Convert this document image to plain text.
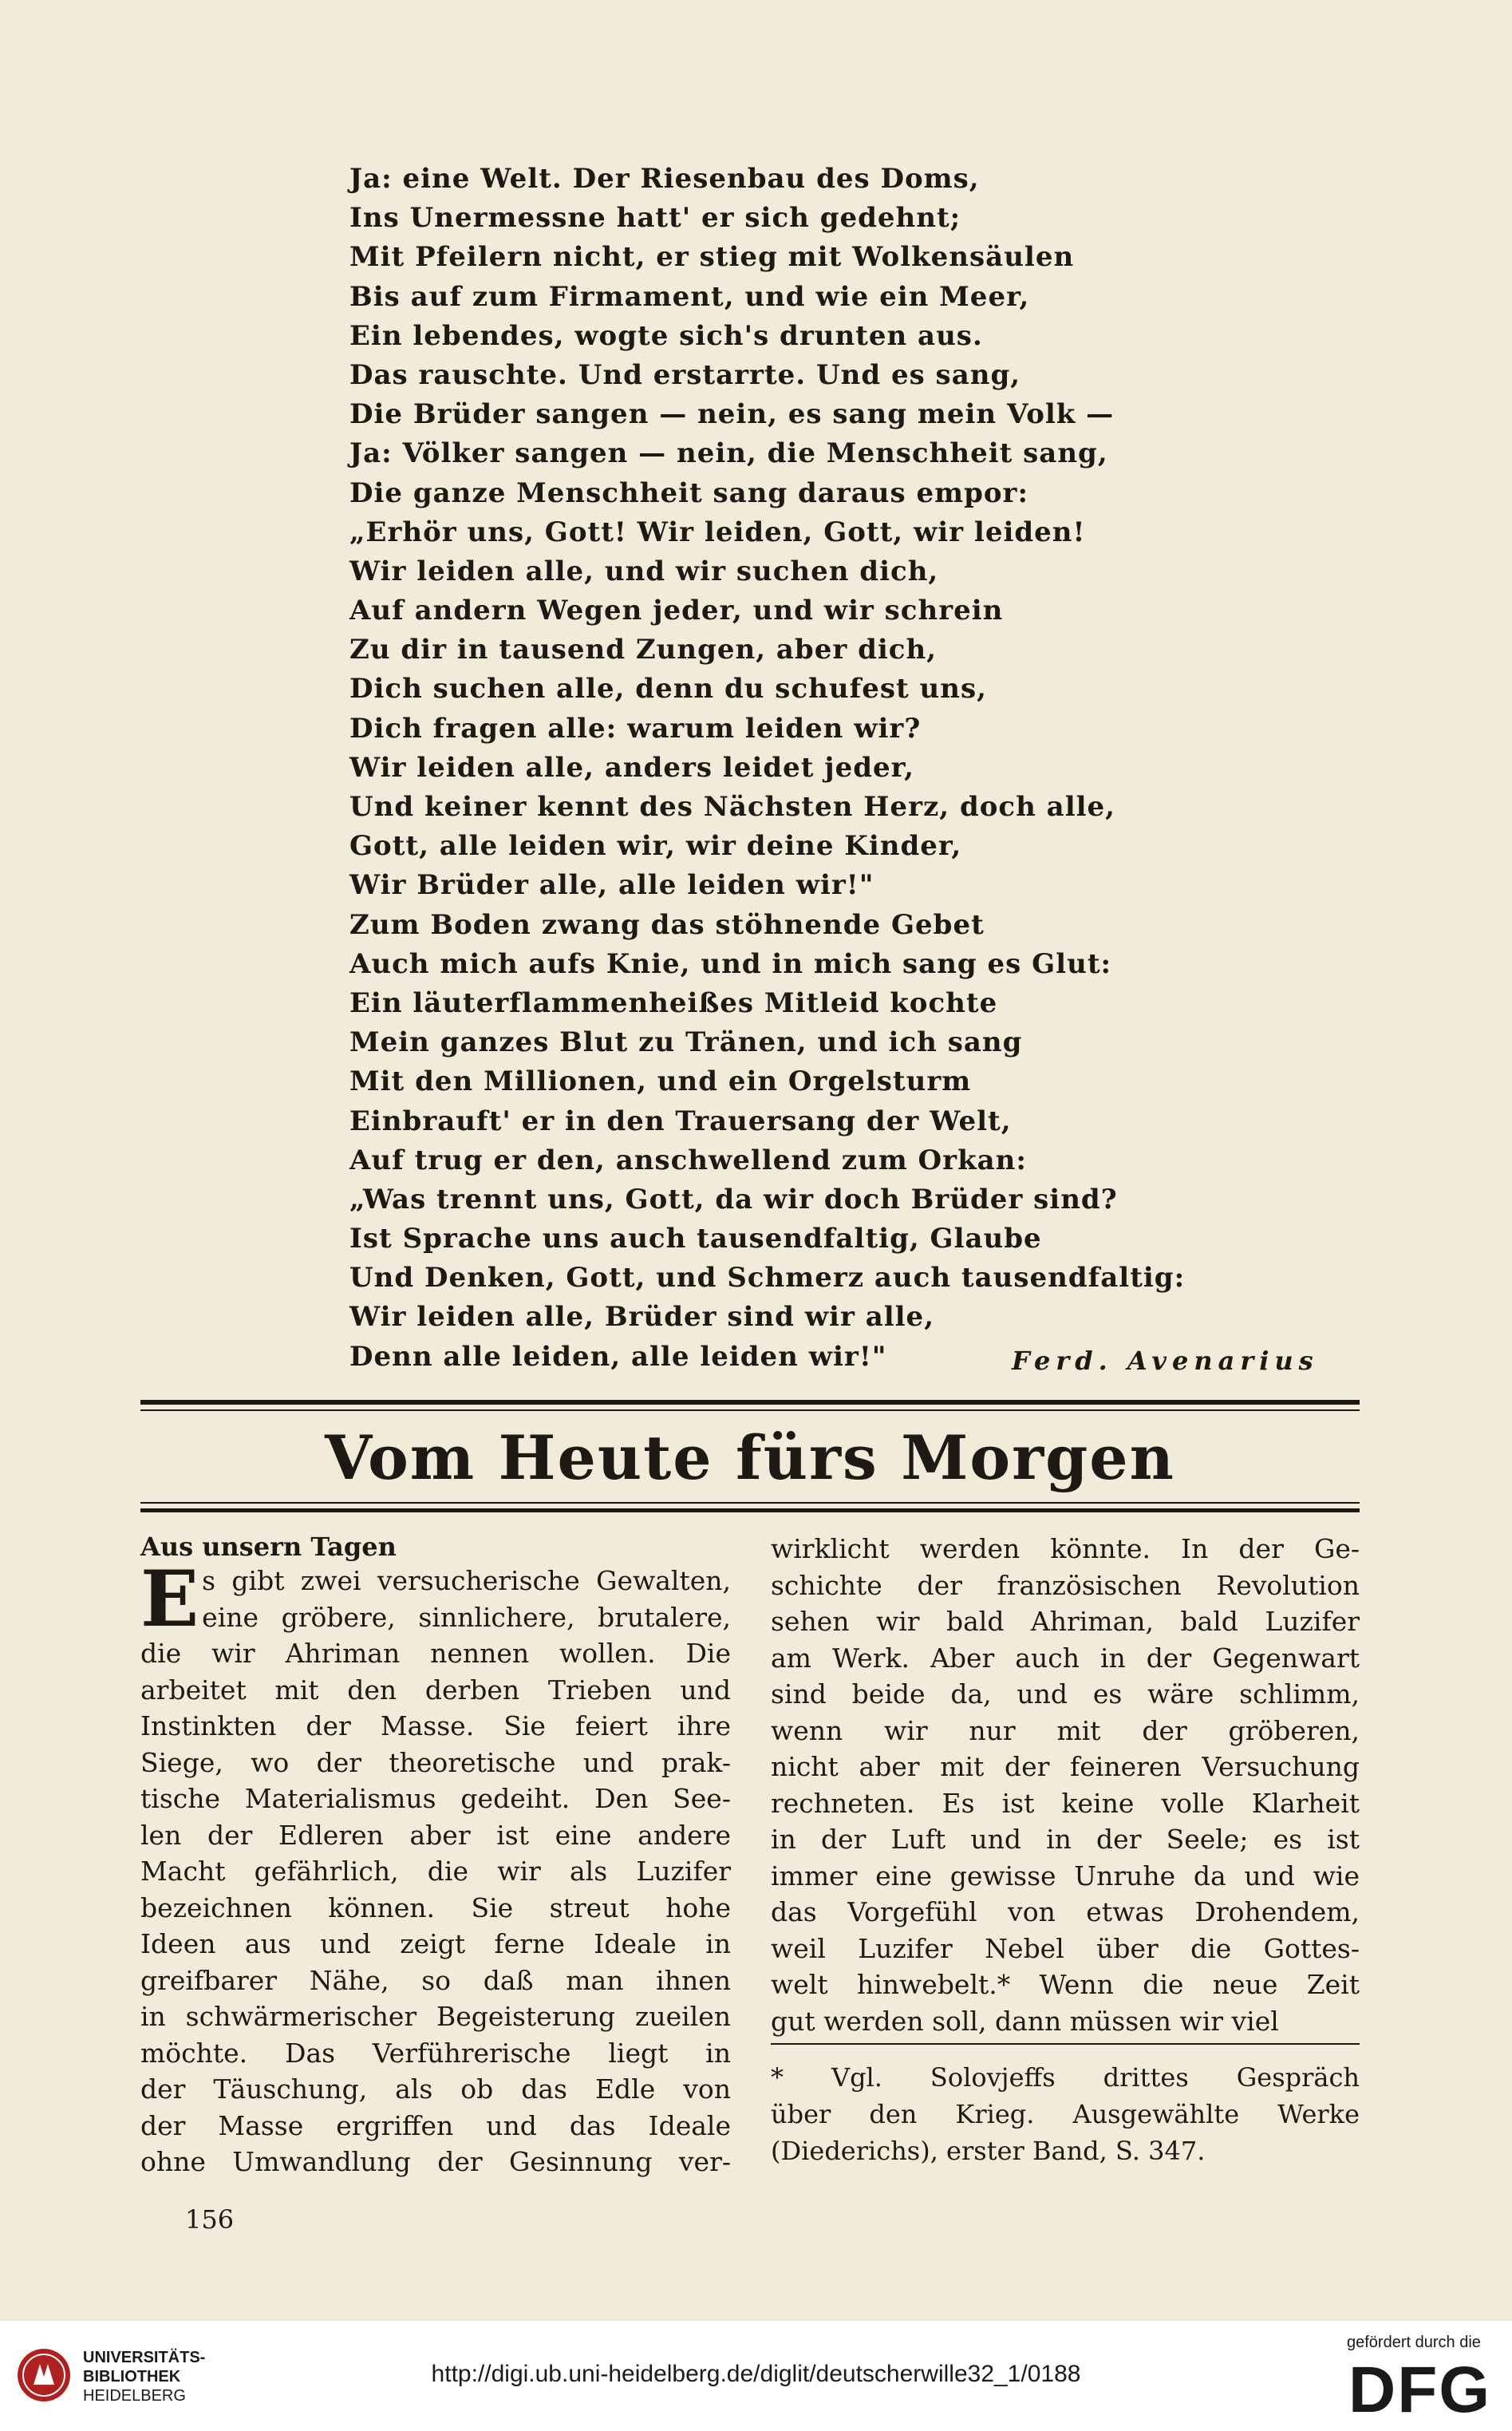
Ja: eine Welt. Der Riesenbau des Doms,
Ins Unermessne hatt' er sich gedehnt;
Mit Pfeilern nicht, er stieg mit Wolkensäulen
Bis auf zum Firmament, und wie ein Meer,
Ein lebendes, wogte sich's drunten aus.
Das rauschte. Und erstarrte. Und es sang,
Die Brüder sangen — nein, es sang mein Volk —
Ja: Völker sangen — nein, die Menschheit sang,
Die ganze Menschheit sang daraus empor:
„Erhör uns, Gott! Wir leiden, Gott, wir leiden!
Wir leiden alle, und wir suchen dich,
Auf andern Wegen jeder, und wir schrein
Zu dir in tausend Zungen, aber dich,
Dich suchen alle, denn du schufest uns,
Dich fragen alle: warum leiden wir?
Wir leiden alle, anders leidet jeder,
Und keiner kennt des Nächsten Herz, doch alle,
Gott, alle leiden wir, wir deine Kinder,
Wir Brüder alle, alle leiden wir!"
Zum Boden zwang das stöhnende Gebet
Auch mich aufs Knie, und in mich sang es Glut:
Ein läuterflammenheißes Mitleid kochte
Mein ganzes Blut zu Tränen, und ich sang
Mit den Millionen, und ein Orgelsturm
Einbrauft' er in den Trauersang der Welt,
Auf trug er den, anschwellend zum Orkan:
„Was trennt uns, Gott, da wir doch Brüder sind?
Ist Sprache uns auch tausendfaltig, Glaube
Und Denken, Gott, und Schmerz auch tausendfaltig:
Wir leiden alle, Brüder sind wir alle,
Denn alle leiden, alle leiden wir!"	Ferd. Avenarius
Vom Heute fürs Morgen
Aus unsern Tagen
E s gibt zwei versucherische Gewalten,
eine gröbere, sinnlichere, brutalere,
die wir Ahriman nennen wollen. Die
arbeitet mit den derben Trieben und
Instinkten der Masse. Sie feiert ihre
Siege, wo der theoretische und prak-
tische Materialismus gedeiht. Den See-
len der Edleren aber ist eine andere
Macht gefährlich, die wir als Luzifer
bezeichnen können. Sie streut hohe
Ideen aus und zeigt ferne Ideale in
greifbarer Nähe, so daß man ihnen
in schwärmerischer Begeisterung zueilen
möchte. Das Verführerische liegt in
der Täuschung, als ob das Edle von
der Masse ergriffen und das Ideale
ohne Umwandlung der Gesinnung ver-
wirklicht werden könnte. In der Ge-
schichte der französischen Revolution
sehen wir bald Ahriman, bald Luzifer
am Werk. Aber auch in der Gegenwart
sind beide da, und es wäre schlimm,
wenn wir nur mit der gröberen,
nicht aber mit der feineren Versuchung
rechneten. Es ist keine volle Klarheit
in der Luft und in der Seele; es ist
immer eine gewisse Unruhe da und wie
das Vorgefühl von etwas Drohendem,
weil Luzifer Nebel über die Gottes-
welt hinwebelt.* Wenn die neue Zeit
gut werden soll, dann müssen wir viel
* Vgl. Solovjeffs drittes Gespräch
über den Krieg. Ausgewählte Werke
(Diederichs), erster Band, S. 347.
156
UNIVERSITÄTS-
BIBLIOTHEK
HEIDELBERG
http://digi.ub.uni-heidelberg.de/diglit/deutscherwille32_1/0188
gefördert durch die
DFG
